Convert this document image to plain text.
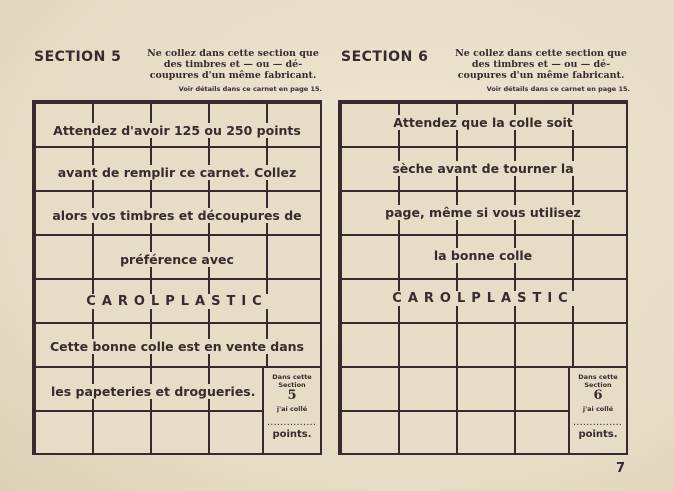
SECTION 5	Ne collez dans cette section que des timbres et — ou — dé-coupures d'un même fabricant.
Voir détails dans ce carnet en page 15.
Attendez d'avoir 125 ou 250 points
avant de remplir ce carnet. Collez
alors vos timbres et découpures de
préférence avec
CAROLPLASTIC
Cette bonne colle est en vente dans
les papeteries et drogueries.
Dans cette
Section
5
j'ai collé
...............
points.
SECTION 6	Ne collez dans cette section que des timbres et — ou — dé-coupures d'un même fabricant.
Voir détails dans ce carnet en page 15.
Attendez que la colle soit
sèche avant de tourner la
page, même si vous utilisez
la bonne colle
CAROLPLASTIC
Dans cette
Section
6
j'ai collé
...............
points.
7
